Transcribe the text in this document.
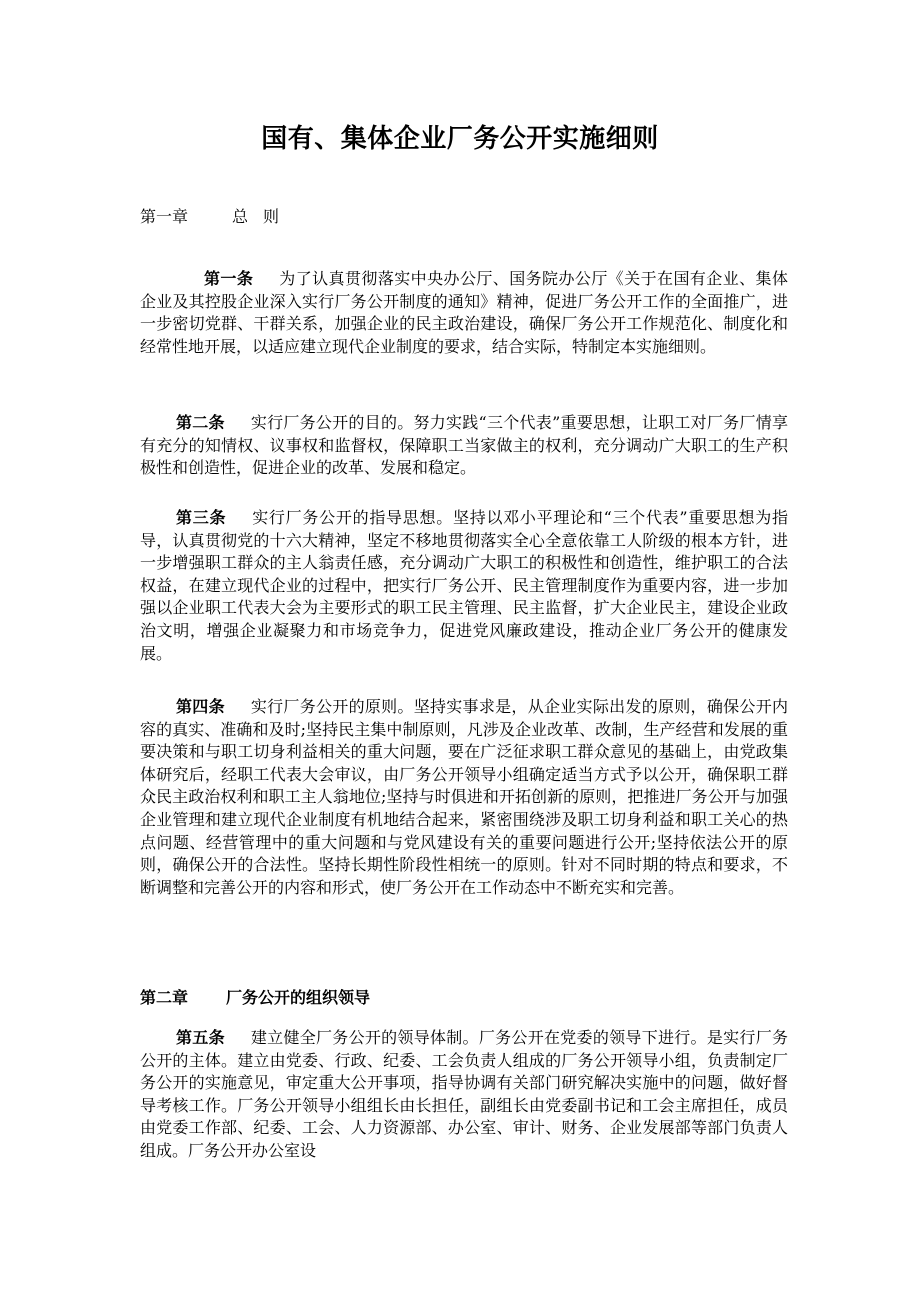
国有、集体企业厂务公开实施细则
第一章	总则

第一条 为了认真贯彻落实中央办公厅、国务院办公厅《关于在国有企业、集体企业及其控股企业深入实行厂务公开制度的通知》精神，促进厂务公开工作的全面推广，进一步密切党群、干群关系，加强企业的民主政治建设，确保厂务公开工作规范化、制度化和经常性地开展，以适应建立现代企业制度的要求，结合实际，特制定本实施细则。

第二条 实行厂务公开的目的。努力实践“三个代表”重要思想，让职工对厂务厂情享有充分的知情权、议事权和监督权，保障职工当家做主的权利，充分调动广大职工的生产积极性和创造性，促进企业的改革、发展和稳定。

第三条 实行厂务公开的指导思想。坚持以邓小平理论和“三个代表”重要思想为指导，认真贯彻党的十六大精神，坚定不移地贯彻落实全心全意依靠工人阶级的根本方针，进一步增强职工群众的主人翁责任感，充分调动广大职工的积极性和创造性，维护职工的合法权益，在建立现代企业的过程中，把实行厂务公开、民主管理制度作为重要内容，进一步加强以企业职工代表大会为主要形式的职工民主管理、民主监督，扩大企业民主，建设企业政治文明，增强企业凝聚力和市场竞争力，促进党风廉政建设，推动企业厂务公开的健康发展。

第四条 实行厂务公开的原则。坚持实事求是，从企业实际出发的原则，确保公开内容的真实、准确和及时;坚持民主集中制原则，凡涉及企业改革、改制，生产经营和发展的重要决策和与职工切身利益相关的重大问题，要在广泛征求职工群众意见的基础上，由党政集体研究后，经职工代表大会审议，由厂务公开领导小组确定适当方式予以公开，确保职工群众民主政治权利和职工主人翁地位;坚持与时俱进和开拓创新的原则，把推进厂务公开与加强企业管理和建立现代企业制度有机地结合起来，紧密围绕涉及职工切身利益和职工关心的热点问题、经营管理中的重大问题和与党风建设有关的重要问题进行公开;坚持依法公开的原则，确保公开的合法性。坚持长期性阶段性相统一的原则。针对不同时期的特点和要求，不断调整和完善公开的内容和形式，使厂务公开在工作动态中不断充实和完善。

第二章 厂务公开的组织领导

第五条 建立健全厂务公开的领导体制。厂务公开在党委的领导下进行。是实行厂务公开的主体。建立由党委、行政、纪委、工会负责人组成的厂务公开领导小组，负责制定厂务公开的实施意见，审定重大公开事项，指导协调有关部门研究解决实施中的问题，做好督导考核工作。厂务公开领导小组组长由长担任，副组长由党委副书记和工会主席担任，成员由党委工作部、纪委、工会、人力资源部、办公室、审计、财务、企业发展部等部门负责人组成。厂务公开办公室设
